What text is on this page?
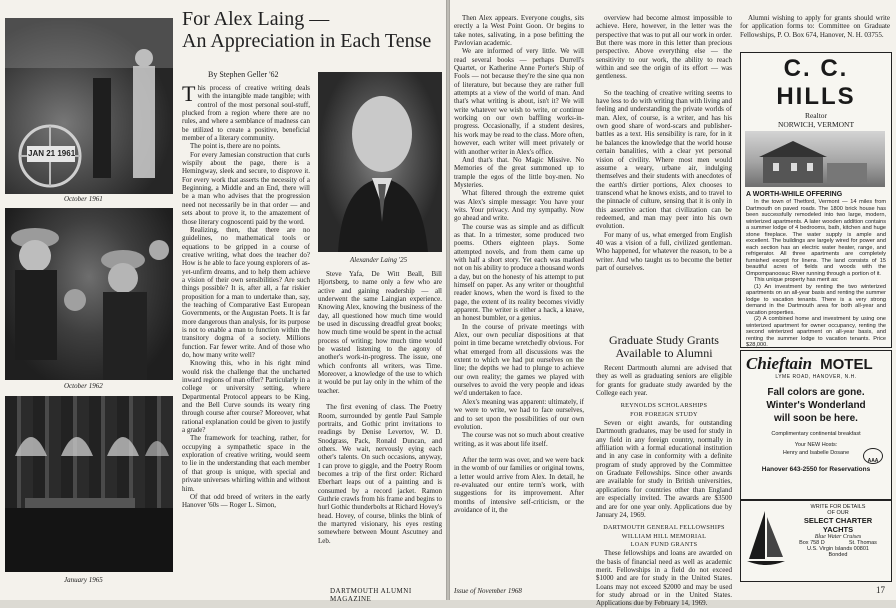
JAN 21 1961
October 1961
October 1962
January 1965
For Alex Laing —
An Appreciation in Each Tense
By Stephen Geller '62

This process of creative writing deals with the intangible made tangible; with control of the most personal soul-stuff, plucked from a region where there are no rules, and where a semblance of madness can be utilized to create a positive, beneficial member of a literary community.

The point is, there are no points.

For every Jamesian construction that curls wispily about the page, there is a Hemingway, sleek and secure, to disprove it. For every work that asserts the necessity of a Beginning, a Middle and an End, there will be a man who advises that the progression need not necessarily be in that order — and sets about to prove it, to the amazement of those literary cognoscenti paid by the word.

Realizing, then, that there are no guidelines, no mathematical tools or equations to be gripped in a course of creative writing, what does the teacher do? How is he able to face young explorers of as-yet-unfirm dreams, and to help them achieve a vision of their own sensibilities? Are such things possible? It is, after all, a far riskier proposition for a man to undertake than, say, the teaching of Comparative East European Governments, or the Augustan Poets. It is far more dangerous than analysis, for its purpose is not to enable a man to function within the transitory dogma of a society. Millions function. Far fewer write. And of those who do, how many write well?

Knowing this, who in his right mind would risk the challenge that the uncharted inward regions of man offer? Particularly in a college or university setting, where Departmental Protocol appears to be King, and the Bell Curve sounds its weary ring through course after course? Moreover, what rational explanation could be given to justify a grade?

The framework for teaching, rather, for occupying a sympathetic space in the exploration of creative writing, would seem to lie in the understanding that each member of that group is unique, with special and private universes whirling within and without him.

Of that odd breed of writers in the early Hanover '60s — Roger L. Simon,

Alexander Laing '25

Steve Yafa, De Witt Beall, Bill Hjortsberg, to name only a few who are active and gaining readership — all underwent the same Laingian experience. Knowing Alex, knowing the business of the day, all questioned how much time would be used in discussing dreadful great books; how much time would be spent in the actual process of writing; how much time would be wasted listening to the agony of another's work-in-progress. The issue, one which confronts all writers, was Time. Moreover, a knowledge of the use to which it would be put lay only in the whim of the teacher.

The first evening of class. The Poetry Room, surrounded by gentle Paul Sample portraits, and Gothic print invitations to readings by Denise Levertov, W. D. Snodgrass, Pack, Ronald Duncan, and others. We wait, nervously eying each other's talents. On such occasions, anyway, I can prove to giggle, and the Poetry Room becomes a trip of the first order: Richard Eberhart leaps out of a painting and is consumed by a record jacket. Ramon Guthrie crawls from his frame and begins to hurl Gothic thunderbolts at Richard Hovey's head. Hovey, of course, blinks the blink of the martyred visionary, his eyes resting somewhere between Mount Ascutney and Leb.

DARTMOUTH ALUMNI MAGAZINE

Then Alex appears. Everyone coughs, sits erectly a la West Point Goon. Or begins to take notes, salivating, in a pose befitting the Pavlovian academic.

We are informed of very little. We will read several books — perhaps Durrell's Quartet, or Katherine Anne Porter's Ship of Fools — not because they're the sine qua non of literature, but because they are rather full attempts at a view of the world of man. And that's what writing is about, isn't it? We will write whatever we wish to write, or continue working on our own baffling works-in-progress. Occasionally, if a student desires, his work may be read to the class. More often, however, each writer will meet privately or with another writer in Alex's office.

And that's that. No Magic Missive. No Memories of the great summoned up to trample the egos of the little boy-men. No Mysteries.

What filtered through the extreme quiet was Alex's simple message: You have your wits. Your privacy. And my sympathy. Now go ahead and write.

The course was as simple and as difficult as that. In a trimester, some produced two poems. Others eighteen plays. Some attempted novels, and from them came up with half a short story. Yet each was marked not on his ability to produce a thousand words a day, but on the honesty of his attempt to put himself on paper. As any writer or thoughtful reader knows, when the word is fixed to the page, the extent of its reality becomes vividly apparent. The writer is either a hack, a knave, an honest bumbler, or a genius.

In the course of private meetings with Alex, our own peculiar dispositions at that point in time became wretchedly obvious. For what emerged from all discussions was the extent to which we had put ourselves on the line; the depths we had to plunge to achieve our own reality; the games we played with ourselves to avoid the very people and ideas we'd undertaken to face.

Alex's meaning was apparent: ultimately, if we were to write, we had to face ourselves, and to set upon the possibilities of our own evolution.

The course was not so much about creative writing, as it was about life itself.

After the term was over, and we were back in the womb of our families or original towns, a letter would arrive from Alex. In detail, he re-evaluated our entire term's work, with suggestions for its improvement. After months of intensive self-criticism, or the avoidance of it, the

Issue of November 1968

overview had become almost impossible to achieve. Here, however, in the letter was the perspective that was to put all our work in order. But there was more in this letter than precious perspective. Above everything else — the sensitivity to our work, the ability to reach within and see the origin of its effort — was gentleness.

So the teaching of creative writing seems to have less to do with writing than with living and feeling and understanding the private worlds of man. Alex, of course, is a writer, and has his own good share of word-scars and publisher-battles as a text. His sensibility is rare, for in it he balances the knowledge that the world house certain banalities, with a clear yet personal vision of civility. Where most men would assume a weary, urbane air, indulging themselves and their students with anecdotes of the earth's dirtier portions, Alex chooses to transcend what he knows exists, and to travel to the pinnacle of culture, sensing that it is only in this assertive action that civilization can be redeemed, and man may peer into his own evolution.

For many of us, what emerged from English 40 was a vision of a full, civilized gentleman. Who happened, for whatever the reason, to be a writer. And who taught us to become the better part of ourselves.

Graduate Study Grants
Available to Alumni

Recent Dartmouth alumni are advised that they as well as graduating seniors are eligible for grants for graduate study awarded by the College each year.

REYNOLDS SCHOLARSHIPS
FOR FOREIGN STUDY

Seven or eight awards, for outstanding Dartmouth graduates, may be used for study in any field in any foreign country, normally in affiliation with a formal educational institution and in any case in conformity with a definite program of study approved by the Committee on Graduate Fellowships. Since other awards are available for study in British universities, applications for countries other than England are especially invited. The awards are $3500 and are for one year only. Applications due by January 24, 1969.

DARTMOUTH GENERAL FELLOWSHIPS
WILLIAM HILL MEMORIAL
LOAN FUND GRANTS

These fellowships and loans are awarded on the basis of financial need as well as academic merit. Fellowships in a field do not exceed $1000 and are for study in the United States. Loans may not exceed $2000 and may be used for study abroad or in the United States. Applications due by February 14, 1969.

Alumni wishing to apply for grants should write for application forms to: Committee on Graduate Fellowships, P. O. Box 674, Hanover, N. H. 03755.

C. C. HILLS
Realtor
NORWICH, VERMONT
A WORTH-WHILE OFFERING

In the town of Thetford, Vermont — 14 miles from Dartmouth on paved roads. The 1800 brick house has been successfully remodeled into two large, modern, winterized apartments. A later wooden addition contains a summer lodge of 4 bedrooms, bath, kitchen and huge stone fireplace. The water supply is ample and excellent. The buildings are largely wired for power and each section has an electric water heater, range, and refrigerator. All three apartments are completely furnished except for linens. The land consists of 15 beautiful acres of fields and woods with the Ompompanoosuc River running through a portion of it.

This unique property has merit as:

(1) An investment by renting the two winterized apartments on an all-year basis and renting the summer lodge to vacation tenants. There is a very strong demand in the Dartmouth area for both all-year and vacation properties.

(2) A combined home and investment by using one winterized apartment for owner occupancy, renting the second winterized apartment on all-year basis, and renting the summer lodge to vacation tenants. Price $28,000.

Chieftain MOTEL
LYME ROAD, HANOVER, N.H.
Fall colors are gone.
Winter's Wonderland
will soon be here.
Complimentary continental breakfast
Your NEW Hosts:
Henry and Isabelle Dosane
AAA
Hanover 643-2550 for Reservations
WRITE FOR DETAILS
OF OUR
SELECT CHARTER
YACHTS
Blue Water Cruises
Box 758 D	St. Thomas
U.S. Virgin Islands 00801
Bonded
17
